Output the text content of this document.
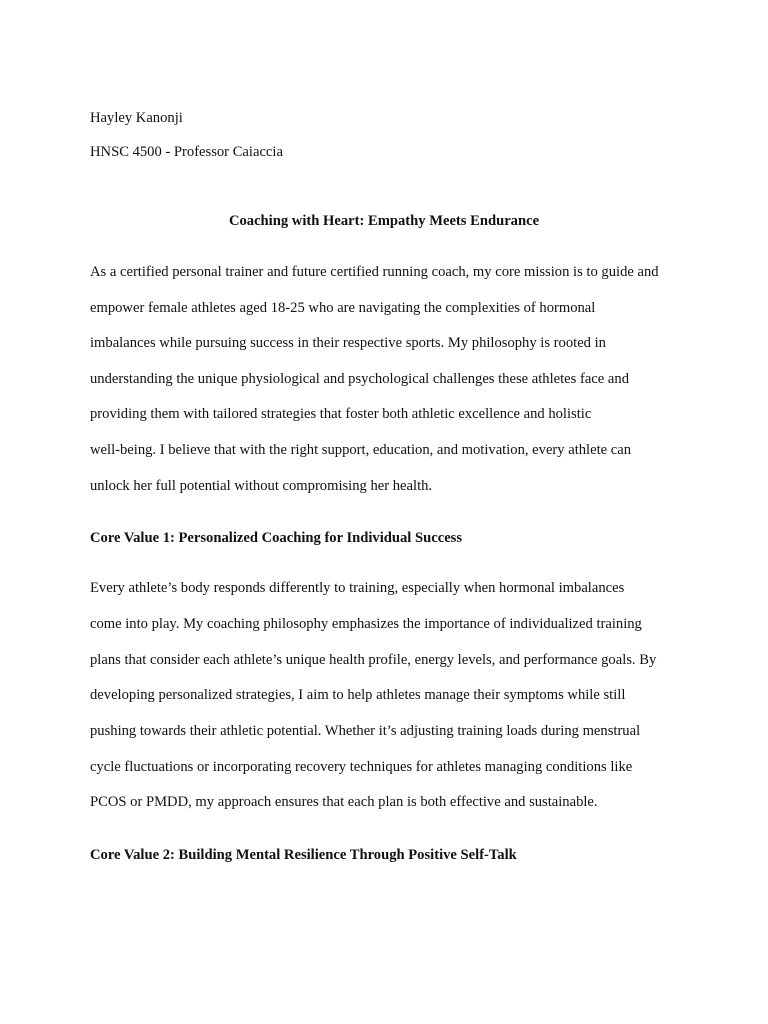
Hayley Kanonji

HNSC 4500 - Professor Caiaccia

Coaching with Heart: Empathy Meets Endurance

As a certified personal trainer and future certified running coach, my core mission is to guide and

empower female athletes aged 18-25 who are navigating the complexities of hormonal

imbalances while pursuing success in their respective sports. My philosophy is rooted in

understanding the unique physiological and psychological challenges these athletes face and

providing them with tailored strategies that foster both athletic excellence and holistic

well-being. I believe that with the right support, education, and motivation, every athlete can

unlock her full potential without compromising her health.

Core Value 1: Personalized Coaching for Individual Success

Every athlete’s body responds differently to training, especially when hormonal imbalances

come into play. My coaching philosophy emphasizes the importance of individualized training

plans that consider each athlete’s unique health profile, energy levels, and performance goals. By

developing personalized strategies, I aim to help athletes manage their symptoms while still

pushing towards their athletic potential. Whether it’s adjusting training loads during menstrual

cycle fluctuations or incorporating recovery techniques for athletes managing conditions like

PCOS or PMDD, my approach ensures that each plan is both effective and sustainable.

Core Value 2: Building Mental Resilience Through Positive Self-Talk
